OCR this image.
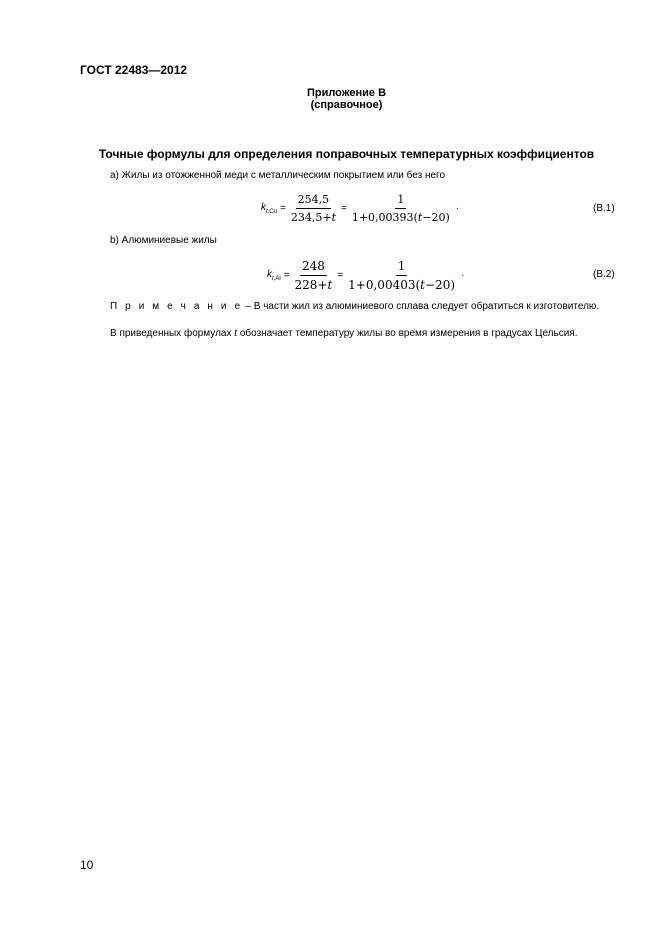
ГОСТ 22483—2012
Приложение B
(справочное)
Точные формулы для определения поправочных температурных коэффициентов
a) Жилы из отожженной меди с металлическим покрытием или без него
$k_{t,Cu} = \frac{254,5}{234,5+t} = \frac{1}{1+0,00393(t-20)}$ ·	(B.1)
b) Алюминиевые жилы
$k_{t,Al} = \frac{248}{228+t} = \frac{1}{1+0,00403(t-20)}$ ·	(B.2)
П р и м е ч а н и е – В части жил из алюминиевого сплава следует обратиться к изготовителю.
В приведенных формулах t обозначает температуру жилы во время измерения в градусах Цельсия.
10
